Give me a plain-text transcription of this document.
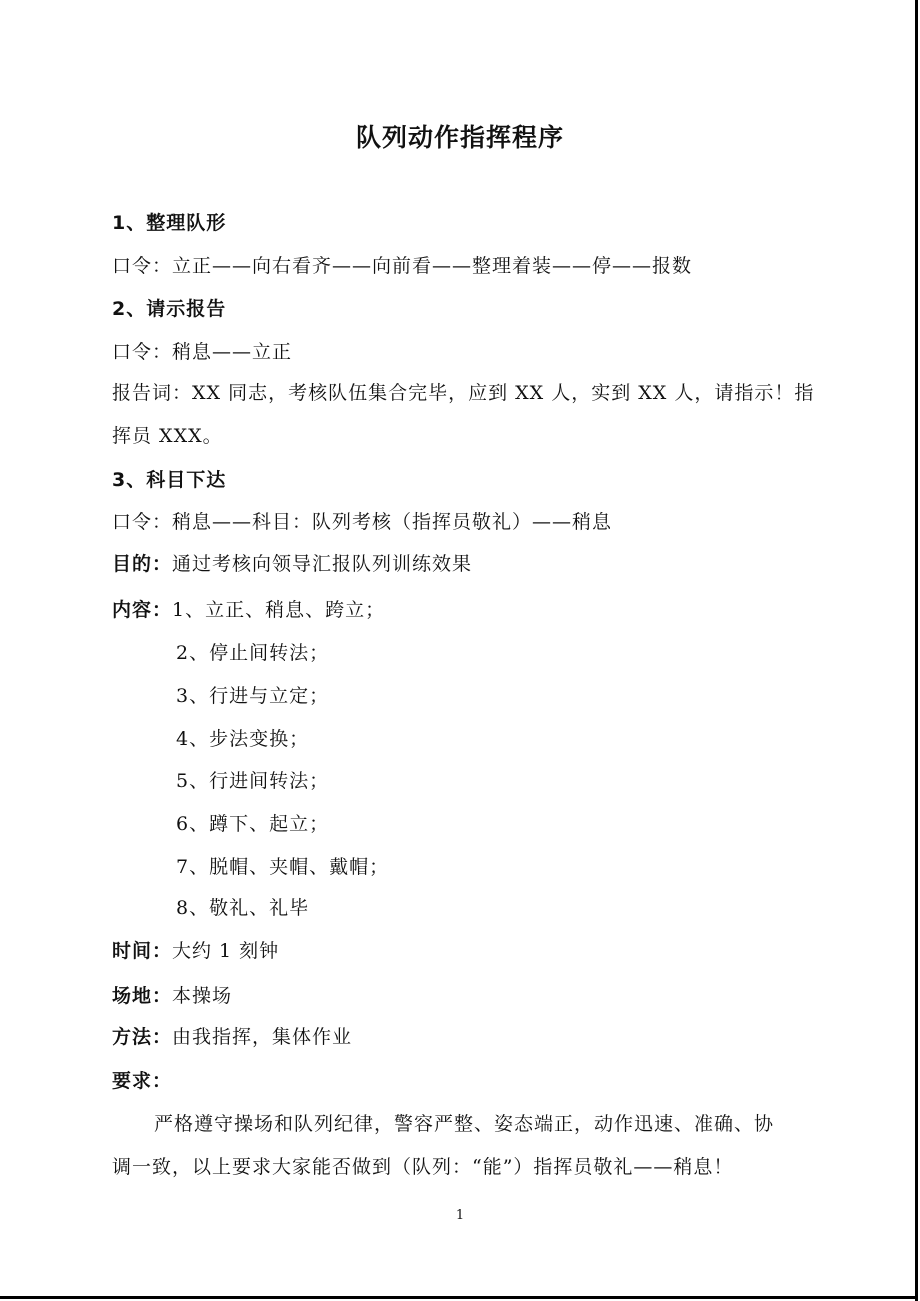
队列动作指挥程序
1、整理队形
口令：立正——向右看齐——向前看——整理着装——停——报数
2、请示报告
口令：稍息——立正
报告词：XX 同志，考核队伍集合完毕，应到 XX 人，实到 XX 人，请指示！指
挥员 XXX。
3、科目下达
口令：稍息——科目：队列考核（指挥员敬礼）——稍息
目的：通过考核向领导汇报队列训练效果
内容：1、立正、稍息、跨立；
2、停止间转法；
3、行进与立定；
4、步法变换；
5、行进间转法；
6、蹲下、起立；
7、脱帽、夹帽、戴帽；
8、敬礼、礼毕
时间：大约 1 刻钟
场地：本操场
方法：由我指挥，集体作业
要求：
严格遵守操场和队列纪律，警容严整、姿态端正，动作迅速、准确、协
调一致，以上要求大家能否做到（队列：“能”）指挥员敬礼——稍息！
1
